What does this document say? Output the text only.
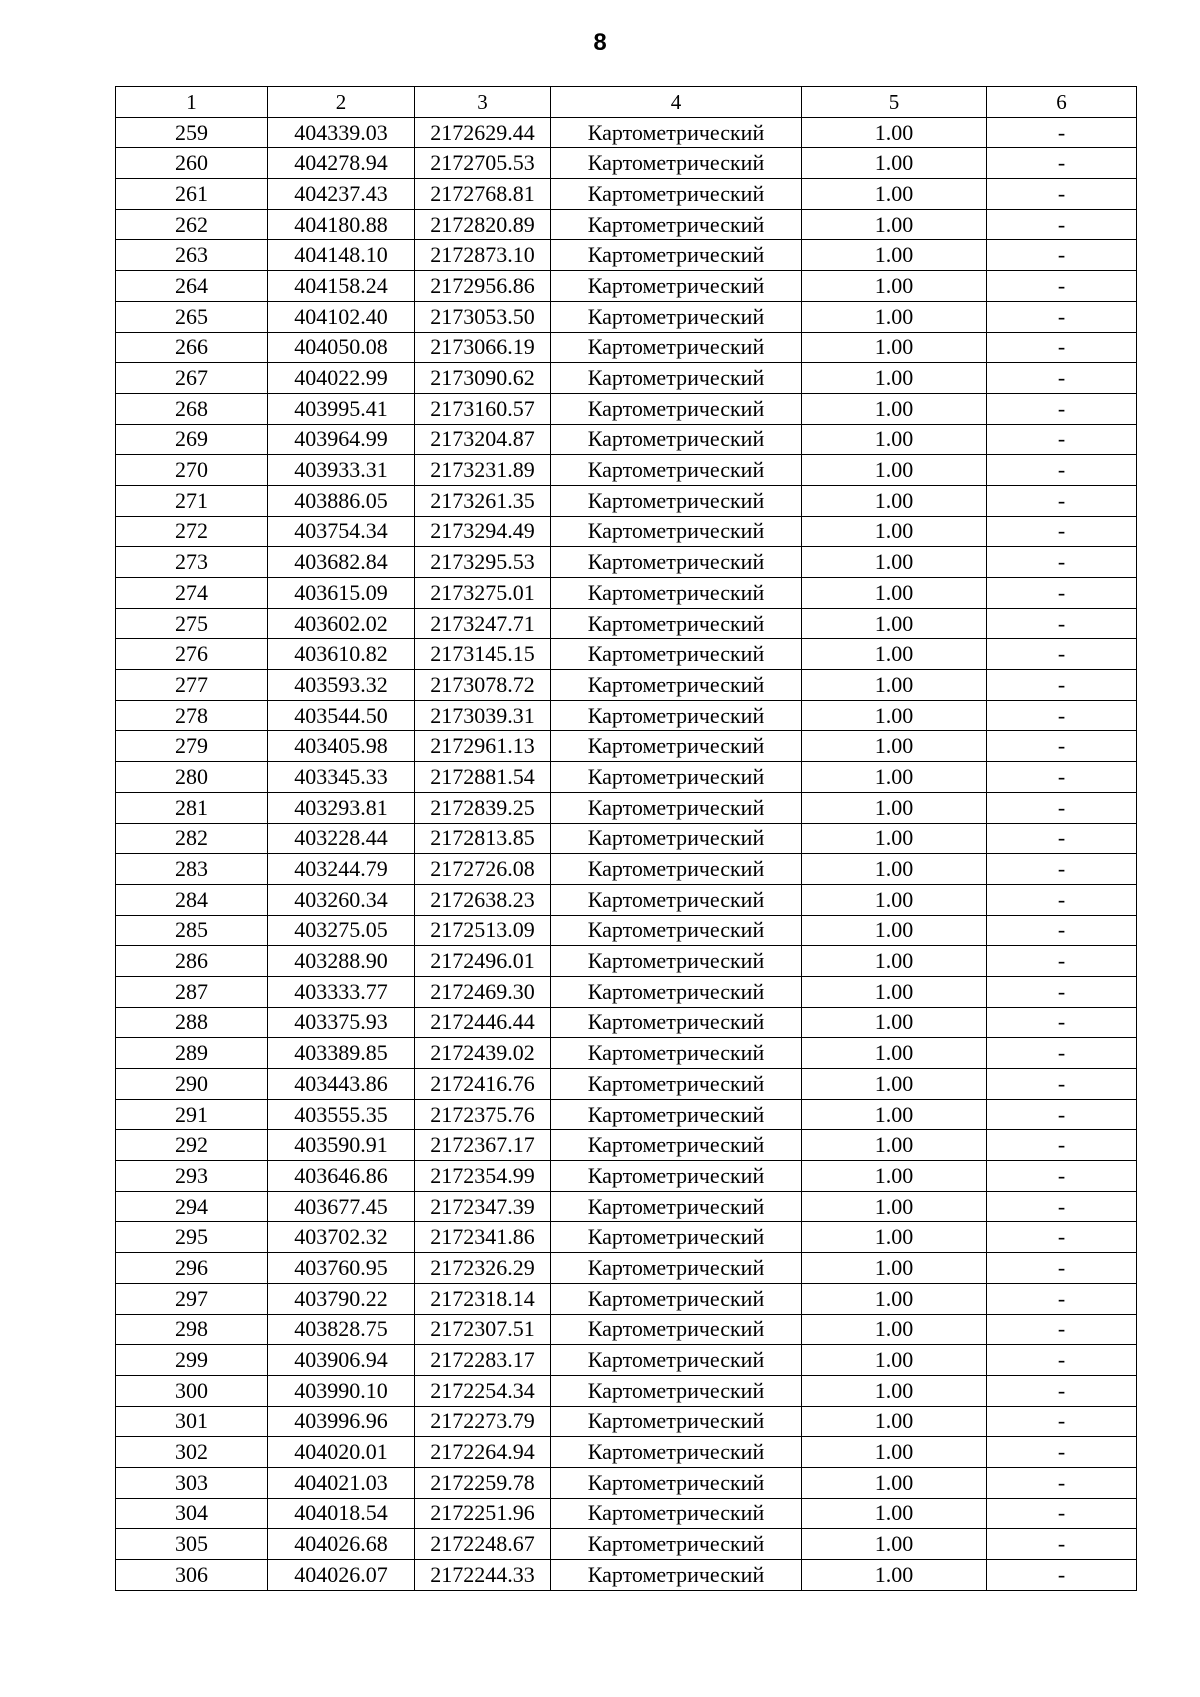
8
1	2	3	4	5	6
259	404339.03	2172629.44	Картометрический	1.00	-
260	404278.94	2172705.53	Картометрический	1.00	-
261	404237.43	2172768.81	Картометрический	1.00	-
262	404180.88	2172820.89	Картометрический	1.00	-
263	404148.10	2172873.10	Картометрический	1.00	-
264	404158.24	2172956.86	Картометрический	1.00	-
265	404102.40	2173053.50	Картометрический	1.00	-
266	404050.08	2173066.19	Картометрический	1.00	-
267	404022.99	2173090.62	Картометрический	1.00	-
268	403995.41	2173160.57	Картометрический	1.00	-
269	403964.99	2173204.87	Картометрический	1.00	-
270	403933.31	2173231.89	Картометрический	1.00	-
271	403886.05	2173261.35	Картометрический	1.00	-
272	403754.34	2173294.49	Картометрический	1.00	-
273	403682.84	2173295.53	Картометрический	1.00	-
274	403615.09	2173275.01	Картометрический	1.00	-
275	403602.02	2173247.71	Картометрический	1.00	-
276	403610.82	2173145.15	Картометрический	1.00	-
277	403593.32	2173078.72	Картометрический	1.00	-
278	403544.50	2173039.31	Картометрический	1.00	-
279	403405.98	2172961.13	Картометрический	1.00	-
280	403345.33	2172881.54	Картометрический	1.00	-
281	403293.81	2172839.25	Картометрический	1.00	-
282	403228.44	2172813.85	Картометрический	1.00	-
283	403244.79	2172726.08	Картометрический	1.00	-
284	403260.34	2172638.23	Картометрический	1.00	-
285	403275.05	2172513.09	Картометрический	1.00	-
286	403288.90	2172496.01	Картометрический	1.00	-
287	403333.77	2172469.30	Картометрический	1.00	-
288	403375.93	2172446.44	Картометрический	1.00	-
289	403389.85	2172439.02	Картометрический	1.00	-
290	403443.86	2172416.76	Картометрический	1.00	-
291	403555.35	2172375.76	Картометрический	1.00	-
292	403590.91	2172367.17	Картометрический	1.00	-
293	403646.86	2172354.99	Картометрический	1.00	-
294	403677.45	2172347.39	Картометрический	1.00	-
295	403702.32	2172341.86	Картометрический	1.00	-
296	403760.95	2172326.29	Картометрический	1.00	-
297	403790.22	2172318.14	Картометрический	1.00	-
298	403828.75	2172307.51	Картометрический	1.00	-
299	403906.94	2172283.17	Картометрический	1.00	-
300	403990.10	2172254.34	Картометрический	1.00	-
301	403996.96	2172273.79	Картометрический	1.00	-
302	404020.01	2172264.94	Картометрический	1.00	-
303	404021.03	2172259.78	Картометрический	1.00	-
304	404018.54	2172251.96	Картометрический	1.00	-
305	404026.68	2172248.67	Картометрический	1.00	-
306	404026.07	2172244.33	Картометрический	1.00	-
